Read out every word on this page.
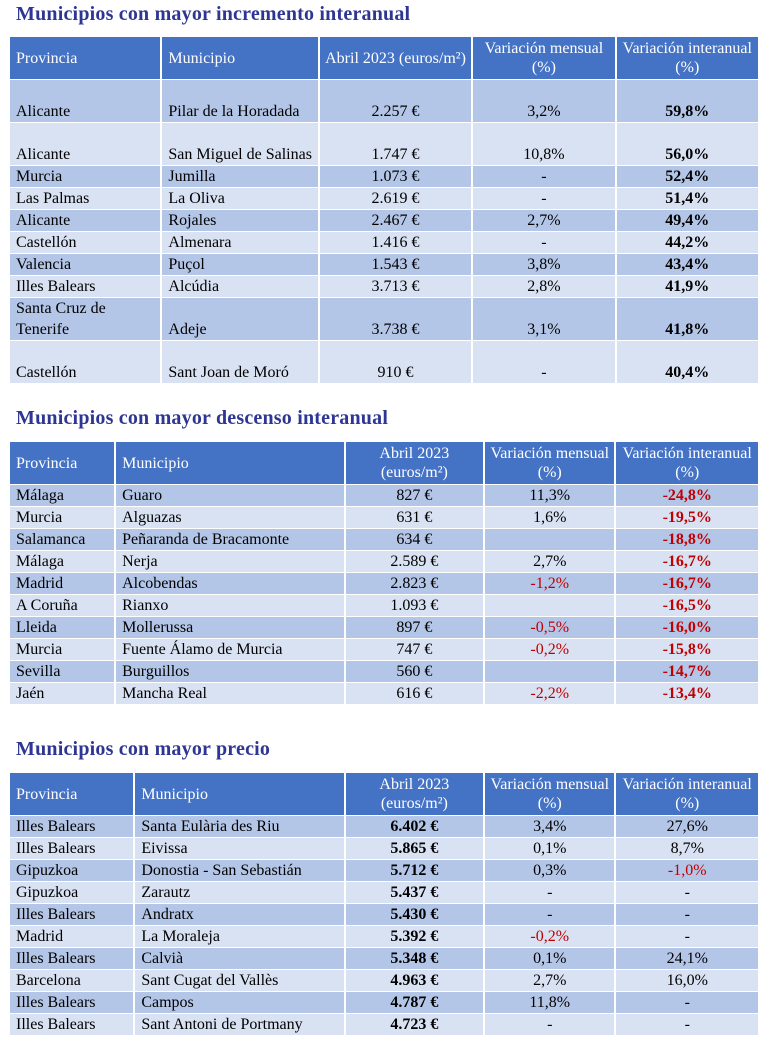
Municipios con mayor incremento interanual
Provincia	Municipio	Abril 2023 (euros/m²)	Variación mensual (%)	Variación interanual (%)
Alicante	Pilar de la Horadada	2.257 €	3,2%	59,8%
Alicante	San Miguel de Salinas	1.747 €	10,8%	56,0%
Murcia	Jumilla	1.073 €	-	52,4%
Las Palmas	La Oliva	2.619 €	-	51,4%
Alicante	Rojales	2.467 €	2,7%	49,4%
Castellón	Almenara	1.416 €	-	44,2%
Valencia	Puçol	1.543 €	3,8%	43,4%
Illes Balears	Alcúdia	3.713 €	2,8%	41,9%
Santa Cruz de Tenerife	Adeje	3.738 €	3,1%	41,8%
Castellón	Sant Joan de Moró	910 €	-	40,4%
Municipios con mayor descenso interanual
Provincia	Municipio	Abril 2023 (euros/m²)	Variación mensual (%)	Variación interanual (%)
Málaga	Guaro	827 €	11,3%	-24,8%
Murcia	Alguazas	631 €	1,6%	-19,5%
Salamanca	Peñaranda de Bracamonte	634 €		-18,8%
Málaga	Nerja	2.589 €	2,7%	-16,7%
Madrid	Alcobendas	2.823 €	-1,2%	-16,7%
A Coruña	Rianxo	1.093 €		-16,5%
Lleida	Mollerussa	897 €	-0,5%	-16,0%
Murcia	Fuente Álamo de Murcia	747 €	-0,2%	-15,8%
Sevilla	Burguillos	560 €		-14,7%
Jaén	Mancha Real	616 €	-2,2%	-13,4%
Municipios con mayor precio
Provincia	Municipio	Abril 2023 (euros/m²)	Variación mensual (%)	Variación interanual (%)
Illes Balears	Santa Eulària des Riu	6.402 €	3,4%	27,6%
Illes Balears	Eivissa	5.865 €	0,1%	8,7%
Gipuzkoa	Donostia - San Sebastián	5.712 €	0,3%	-1,0%
Gipuzkoa	Zarautz	5.437 €	-	-
Illes Balears	Andratx	5.430 €	-	-
Madrid	La Moraleja	5.392 €	-0,2%	-
Illes Balears	Calvià	5.348 €	0,1%	24,1%
Barcelona	Sant Cugat del Vallès	4.963 €	2,7%	16,0%
Illes Balears	Campos	4.787 €	11,8%	-
Illes Balears	Sant Antoni de Portmany	4.723 €	-	-
